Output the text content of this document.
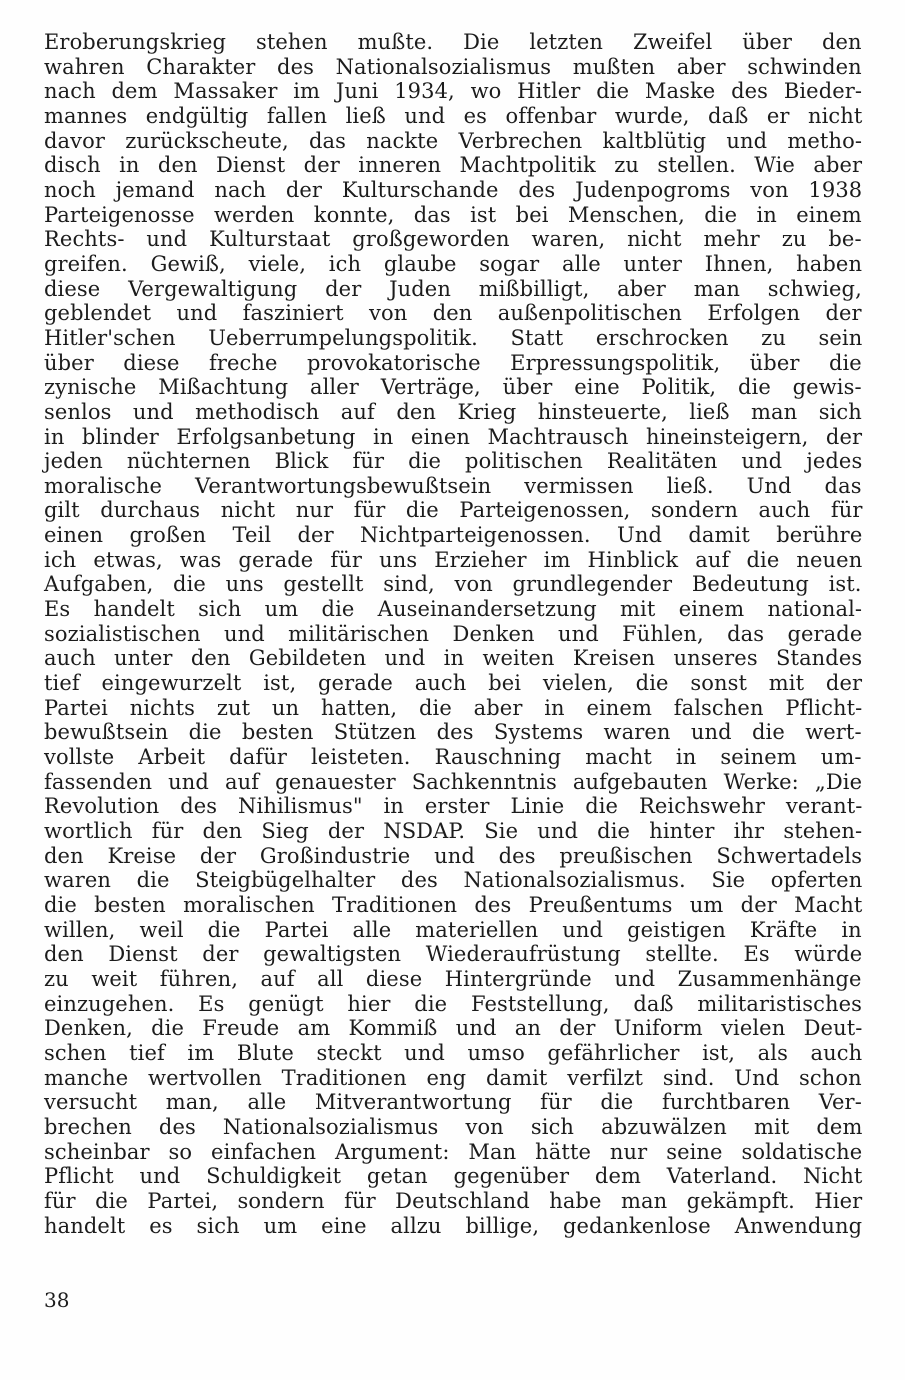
Eroberungskrieg stehen mußte. Die letzten Zweifel über den
wahren Charakter des Nationalsozialismus mußten aber schwinden
nach dem Massaker im Juni 1934, wo Hitler die Maske des Bieder-
mannes endgültig fallen ließ und es offenbar wurde, daß er nicht
davor zurückscheute, das nackte Verbrechen kaltblütig und metho-
disch in den Dienst der inneren Machtpolitik zu stellen. Wie aber
noch jemand nach der Kulturschande des Judenpogroms von 1938
Parteigenosse werden konnte, das ist bei Menschen, die in einem
Rechts- und Kulturstaat großgeworden waren, nicht mehr zu be-
greifen. Gewiß, viele, ich glaube sogar alle unter Ihnen, haben
diese Vergewaltigung der Juden mißbilligt, aber man schwieg,
geblendet und fasziniert von den außenpolitischen Erfolgen der
Hitler'schen Ueberrumpelungspolitik. Statt erschrocken zu sein
über diese freche provokatorische Erpressungspolitik, über die
zynische Mißachtung aller Verträge, über eine Politik, die gewis-
senlos und methodisch auf den Krieg hinsteuerte, ließ man sich
in blinder Erfolgsanbetung in einen Machtrausch hineinsteigern, der
jeden nüchternen Blick für die politischen Realitäten und jedes
moralische Verantwortungsbewußtsein vermissen ließ. Und das
gilt durchaus nicht nur für die Parteigenossen, sondern auch für
einen großen Teil der Nichtparteigenossen. Und damit berühre
ich etwas, was gerade für uns Erzieher im Hinblick auf die neuen
Aufgaben, die uns gestellt sind, von grundlegender Bedeutung ist.
Es handelt sich um die Auseinandersetzung mit einem national-
sozialistischen und militärischen Denken und Fühlen, das gerade
auch unter den Gebildeten und in weiten Kreisen unseres Standes
tief eingewurzelt ist, gerade auch bei vielen, die sonst mit der
Partei nichts zut un hatten, die aber in einem falschen Pflicht-
bewußtsein die besten Stützen des Systems waren und die wert-
vollste Arbeit dafür leisteten. Rauschning macht in seinem um-
fassenden und auf genauester Sachkenntnis aufgebauten Werke: „Die
Revolution des Nihilismus" in erster Linie die Reichswehr verant-
wortlich für den Sieg der NSDAP. Sie und die hinter ihr stehen-
den Kreise der Großindustrie und des preußischen Schwertadels
waren die Steigbügelhalter des Nationalsozialismus. Sie opferten
die besten moralischen Traditionen des Preußentums um der Macht
willen, weil die Partei alle materiellen und geistigen Kräfte in
den Dienst der gewaltigsten Wiederaufrüstung stellte. Es würde
zu weit führen, auf all diese Hintergründe und Zusammenhänge
einzugehen. Es genügt hier die Feststellung, daß militaristisches
Denken, die Freude am Kommiß und an der Uniform vielen Deut-
schen tief im Blute steckt und umso gefährlicher ist, als auch
manche wertvollen Traditionen eng damit verfilzt sind. Und schon
versucht man, alle Mitverantwortung für die furchtbaren Ver-
brechen des Nationalsozialismus von sich abzuwälzen mit dem
scheinbar so einfachen Argument: Man hätte nur seine soldatische
Pflicht und Schuldigkeit getan gegenüber dem Vaterland. Nicht
für die Partei, sondern für Deutschland habe man gekämpft. Hier
handelt es sich um eine allzu billige, gedankenlose Anwendung
38
